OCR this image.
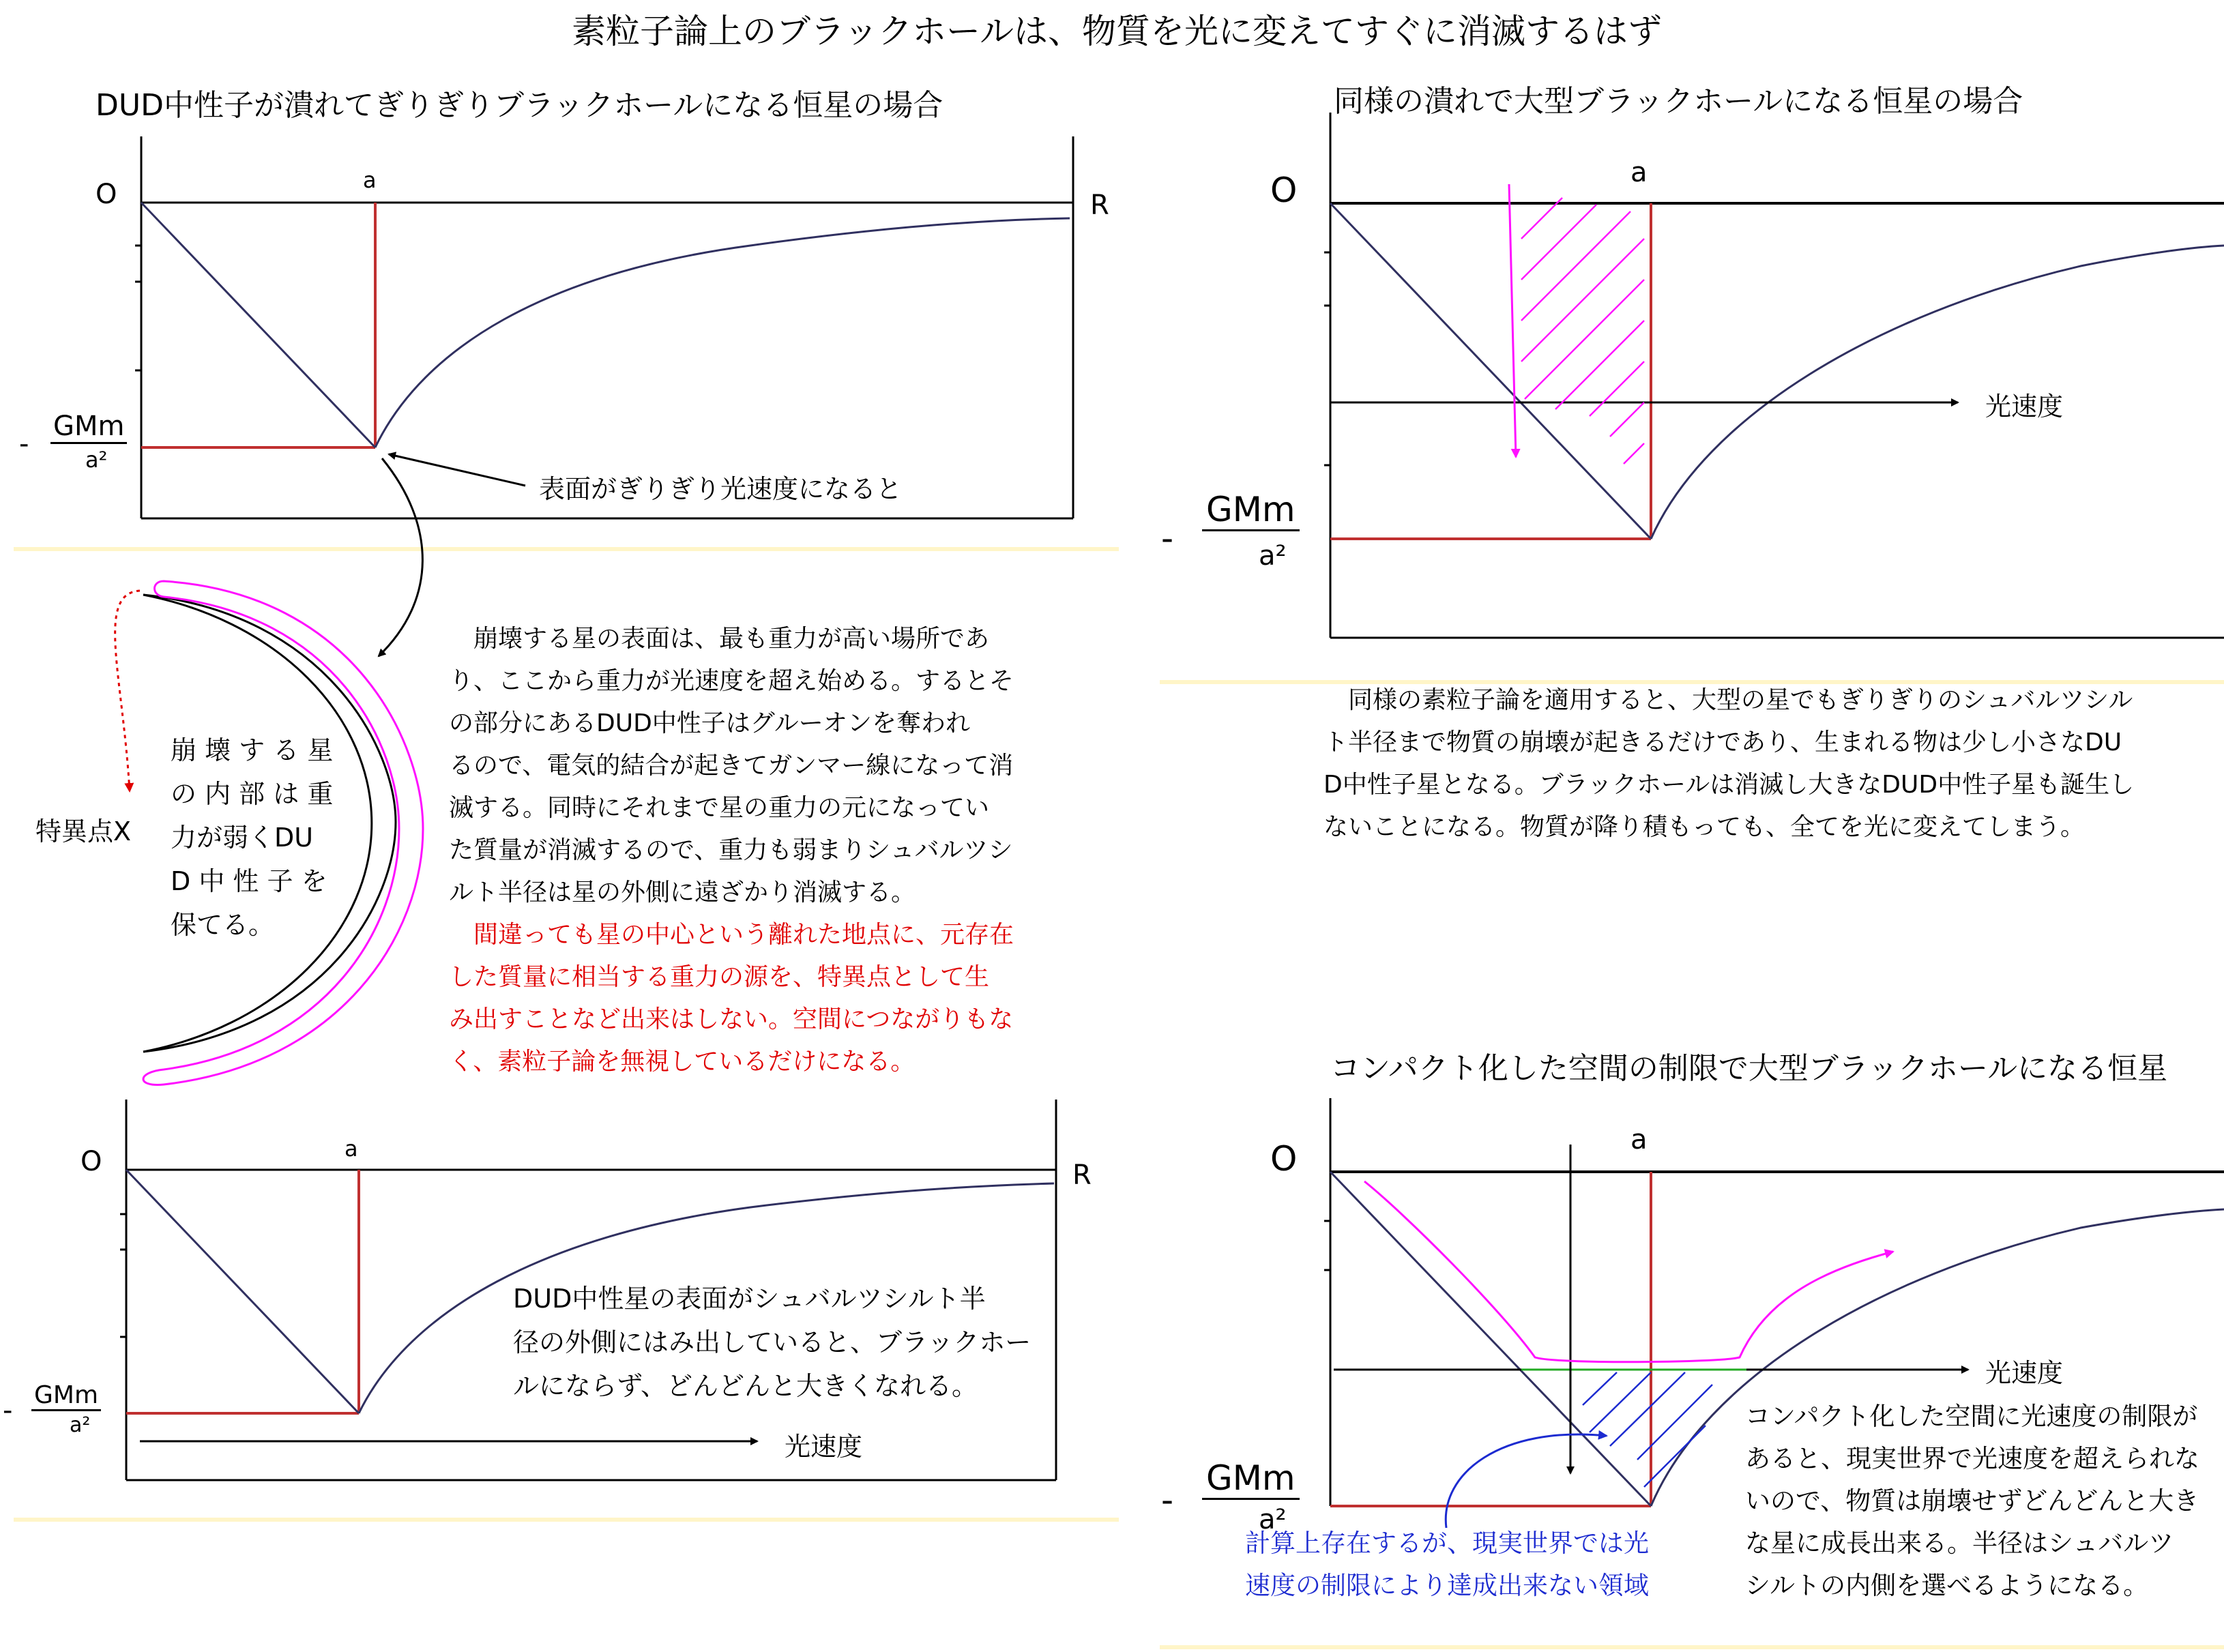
素粒子論上のブラックホールは、物質を光に変えてすぐに消滅するはず
DUD中性子が潰れてぎりぎりブラックホールになる恒星の場合
O	a
R
-
GMm
a²
表面がぎりぎり光速度になると
特異点X
崩 壊 す る 星
の 内 部 は 重
力が弱くDU
D 中 性 子 を
保てる。
　崩壊する星の表面は、最も重力が高い場所であ
り、ここから重力が光速度を超え始める。するとそ
の部分にあるDUD中性子はグルーオンを奪われ
るので、電気的結合が起きてガンマー線になって消
滅する。同時にそれまで星の重力の元になってい
た質量が消滅するので、重力も弱まりシュバルツシ
ルト半径は星の外側に遠ざかり消滅する。
　間違っても星の中心という離れた地点に、元存在
した質量に相当する重力の源を、特異点として生
み出すことなど出来はしない。空間につながりもな
く、素粒子論を無視しているだけになる。
O	a
R
- GMm
a²
DUD中性星の表面がシュバルツシルト半
径の外側にはみ出していると、ブラックホー
ルにならず、どんどんと大きくなれる。
光速度
同様の潰れで大型ブラックホールになる恒星の場合
O	a
-
GMm
a²
光速度
　同様の素粒子論を適用すると、大型の星でもぎりぎりのシュバルツシル
ト半径まで物質の崩壊が起きるだけであり、生まれる物は少し小さなDU
D中性子星となる。ブラックホールは消滅し大きなDUD中性子星も誕生し
ないことになる。物質が降り積もっても、全てを光に変えてしまう。
コンパクト化した空間の制限で大型ブラックホールになる恒星
O	a
-
GMm
a²
光速度
コンパクト化した空間に光速度の制限が
あると、現実世界で光速度を超えられな
いので、物質は崩壊せずどんどんと大き
な星に成長出来る。半径はシュバルツ
シルトの内側を選べるようになる。
計算上存在するが、現実世界では光
速度の制限により達成出来ない領域
